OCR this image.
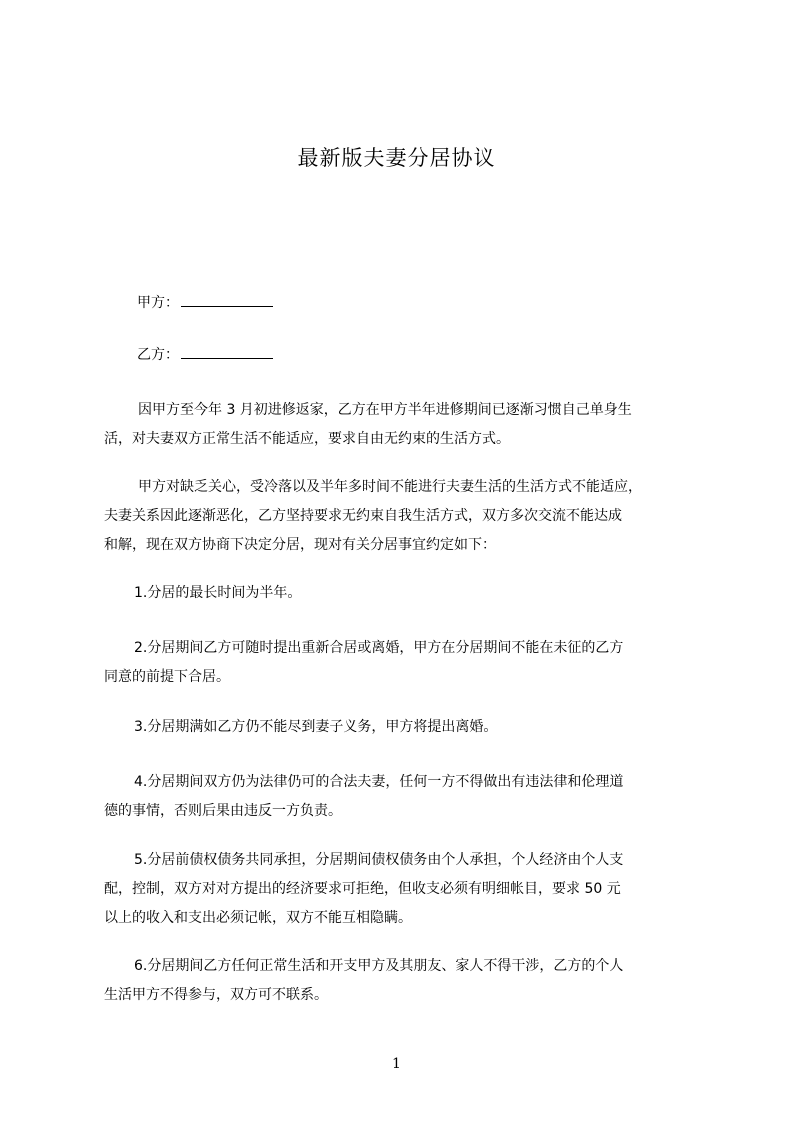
最新版夫妻分居协议
甲方：
乙方：
因甲方至今年 3 月初进修返家，乙方在甲方半年进修期间已逐渐习惯自己单身生
活，对夫妻双方正常生活不能适应，要求自由无约束的生活方式。
甲方对缺乏关心，受冷落以及半年多时间不能进行夫妻生活的生活方式不能适应，
夫妻关系因此逐渐恶化，乙方坚持要求无约束自我生活方式，双方多次交流不能达成
和解，现在双方协商下决定分居，现对有关分居事宜约定如下：
1.分居的最长时间为半年。
2.分居期间乙方可随时提出重新合居或离婚，甲方在分居期间不能在未征的乙方
同意的前提下合居。
3.分居期满如乙方仍不能尽到妻子义务，甲方将提出离婚。
4.分居期间双方仍为法律仍可的合法夫妻，任何一方不得做出有违法律和伦理道
德的事情，否则后果由违反一方负责。
5.分居前债权债务共同承担，分居期间债权债务由个人承担，个人经济由个人支
配，控制，双方对对方提出的经济要求可拒绝，但收支必须有明细帐目，要求 50 元
以上的收入和支出必须记帐，双方不能互相隐瞒。
6.分居期间乙方任何正常生活和开支甲方及其朋友、家人不得干涉，乙方的个人
生活甲方不得参与，双方可不联系。
1
